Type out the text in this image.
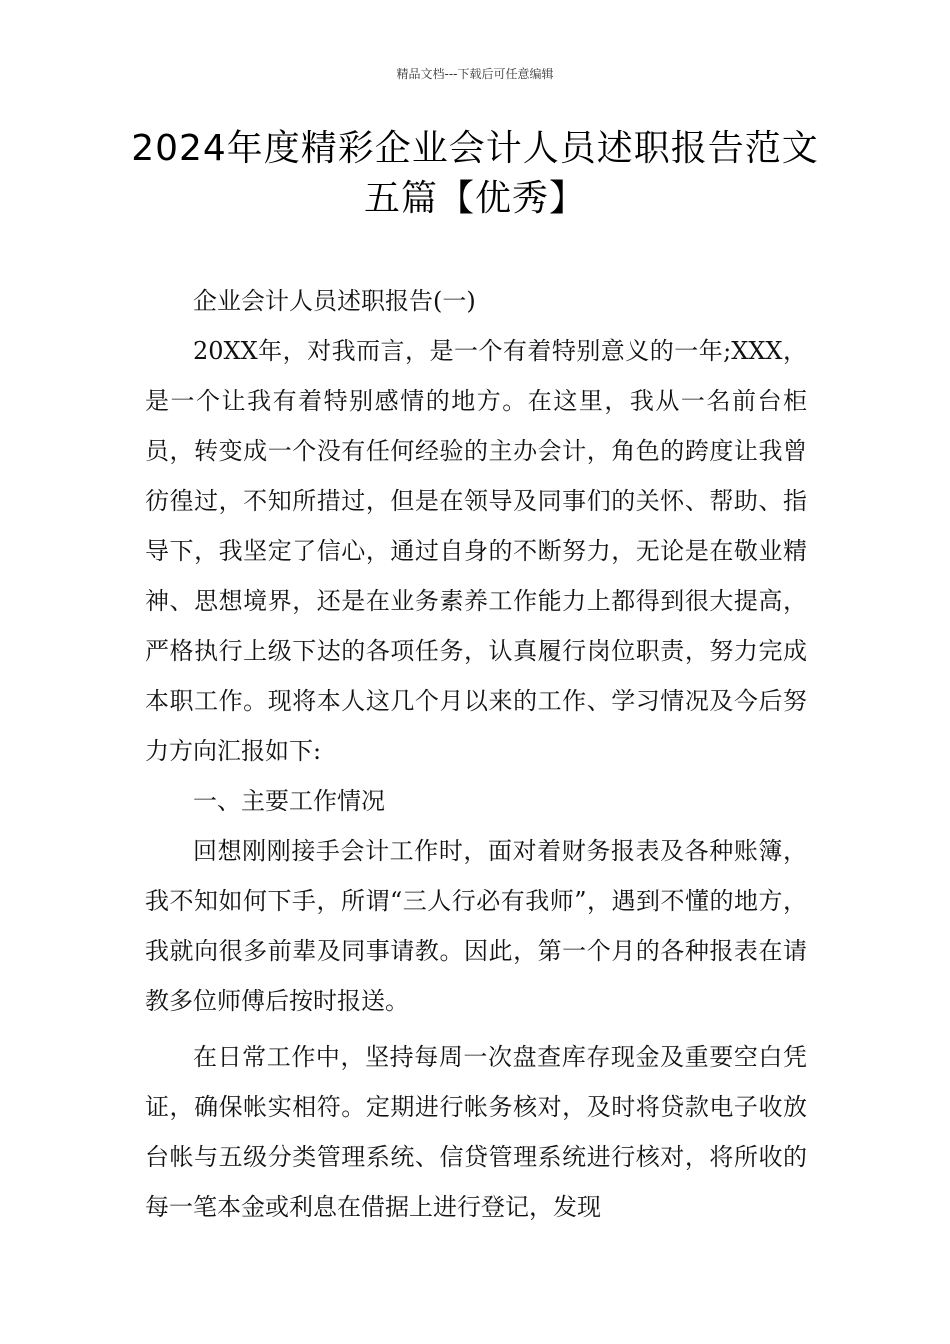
精品文档---下载后可任意编辑
2024年度精彩企业会计人员述职报告范文五篇【优秀】

企业会计人员述职报告(一)

20XX年，对我而言，是一个有着特别意义的一年;XXX，是一个让我有着特别感情的地方。在这里，我从一名前台柜员，转变成一个没有任何经验的主办会计，角色的跨度让我曾彷徨过，不知所措过，但是在领导及同事们的关怀、帮助、指导下，我坚定了信心，通过自身的不断努力，无论是在敬业精神、思想境界，还是在业务素养工作能力上都得到很大提高，严格执行上级下达的各项任务，认真履行岗位职责，努力完成本职工作。现将本人这几个月以来的工作、学习情况及今后努力方向汇报如下:

一、主要工作情况

回想刚刚接手会计工作时，面对着财务报表及各种账簿，我不知如何下手，所谓“三人行必有我师”，遇到不懂的地方，我就向很多前辈及同事请教。因此，第一个月的各种报表在请教多位师傅后按时报送。

在日常工作中，坚持每周一次盘查库存现金及重要空白凭证，确保帐实相符。定期进行帐务核对，及时将贷款电子收放台帐与五级分类管理系统、信贷管理系统进行核对，将所收的每一笔本金或利息在借据上进行登记，发现
